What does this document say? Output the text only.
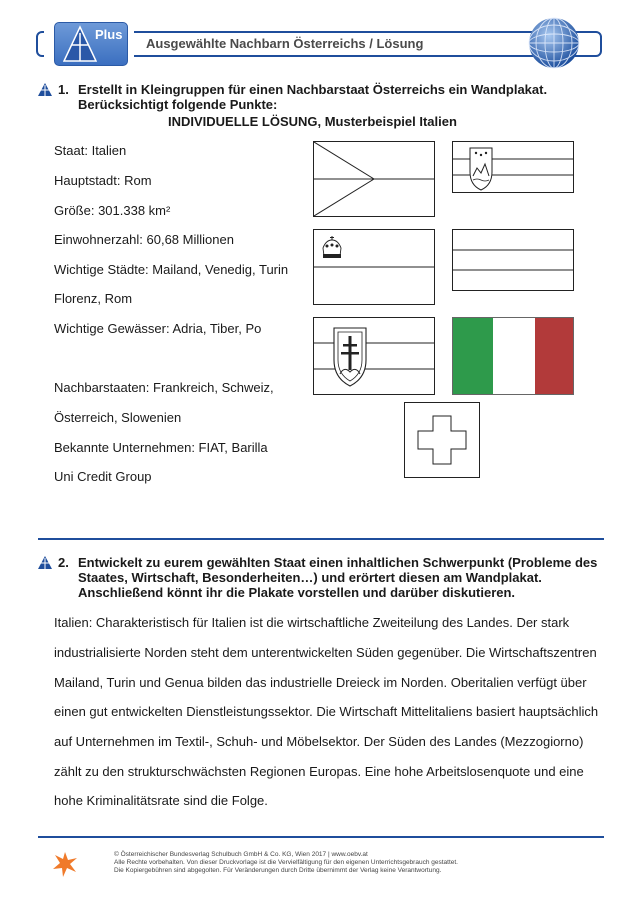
Plus
Ausgewählte Nachbarn Österreichs / Lösung
1. Erstellt in Kleingruppen für einen Nachbarstaat Österreichs ein Wandplakat.
Berücksichtigt folgende Punkte:
INDIVIDUELLE LÖSUNG, Musterbeispiel Italien
Staat: Italien
Hauptstadt: Rom
Größe: 301.338 km²
Einwohnerzahl: 60,68 Millionen
Wichtige Städte: Mailand, Venedig, Turin
Florenz, Rom
Wichtige Gewässer: Adria, Tiber, Po
Nachbarstaaten: Frankreich, Schweiz,
Österreich, Slowenien
Bekannte Unternehmen: FIAT, Barilla
Uni Credit Group
2. Entwickelt zu eurem gewählten Staat einen inhaltlichen Schwerpunkt (Probleme des
Staates, Wirtschaft, Besonderheiten…) und erörtert diesen am Wandplakat.
Anschließend könnt ihr die Plakate vorstellen und darüber diskutieren.
Italien: Charakteristisch für Italien ist die wirtschaftliche Zweiteilung des Landes. Der stark
industrialisierte Norden steht dem unterentwickelten Süden gegenüber. Die Wirtschaftszentren
Mailand, Turin und Genua bilden das industrielle Dreieck im Norden. Oberitalien verfügt über
einen gut entwickelten Dienstleistungssektor. Die Wirtschaft Mittelitaliens basiert hauptsächlich
auf Unternehmen im Textil-, Schuh- und Möbelsektor. Der Süden des Landes (Mezzogiorno)
zählt zu den strukturschwächsten Regionen Europas. Eine hohe Arbeitslosenquote und eine
hohe Kriminalitätsrate sind die Folge.
© Österreichischer Bundesverlag Schulbuch GmbH & Co. KG, Wien 2017 | www.oebv.at
Alle Rechte vorbehalten. Von dieser Druckvorlage ist die Vervielfältigung für den eigenen Unterrichtsgebrauch gestattet.
Die Kopiergebühren sind abgegolten. Für Veränderungen durch Dritte übernimmt der Verlag keine Verantwortung.
